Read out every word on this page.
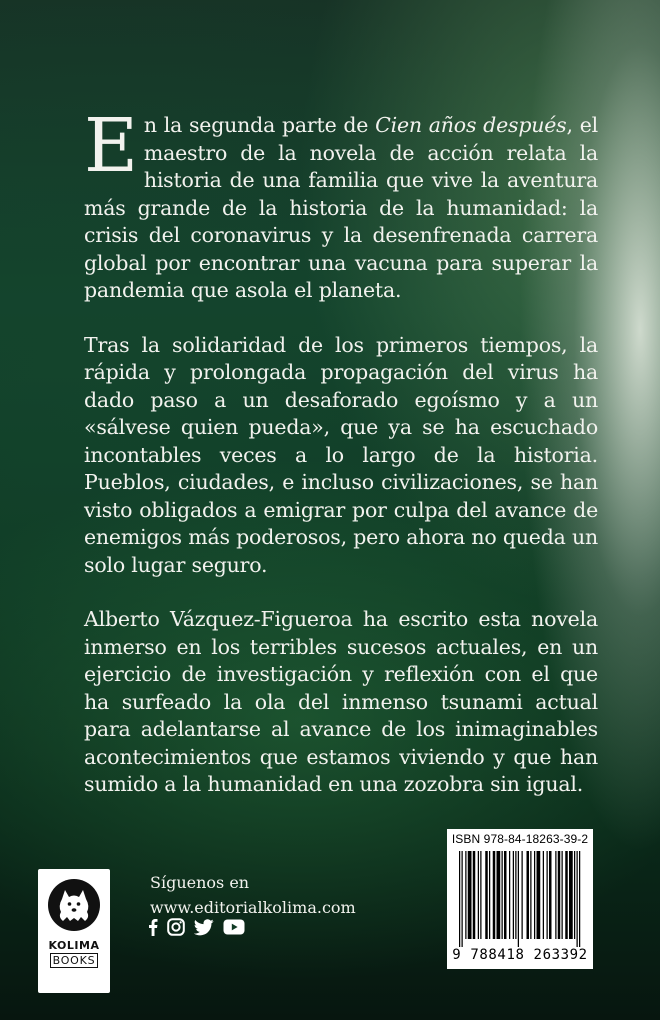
En la segunda parte de Cien años después, el maestro de la novela de acción relata la historia de una familia que vive la aventura más grande de la historia de la humanidad: la crisis del coronavirus y la desenfrenada carrera global por encontrar una vacuna para superar la pandemia que asola el planeta.

Tras la solidaridad de los primeros tiempos, la rápida y prolongada propagación del virus ha dado paso a un desaforado egoísmo y a un «sálvese quien pueda», que ya se ha escuchado incontables veces a lo largo de la historia. Pueblos, ciudades, e incluso civilizaciones, se han visto obligados a emigrar por culpa del avance de enemigos más poderosos, pero ahora no queda un solo lugar seguro.

Alberto Vázquez-Figueroa ha escrito esta novela inmerso en los terribles sucesos actuales, en un ejercicio de investigación y reflexión con el que ha surfeado la ola del inmenso tsunami actual para adelantarse al avance de los inimaginables acontecimientos que estamos viviendo y que han sumido a la humanidad en una zozobra sin igual.

KOLIMA
BOOKS
Síguenos en
www.editorialkolima.com
ISBN 978-84-18263-39-2
9 788418 263392
